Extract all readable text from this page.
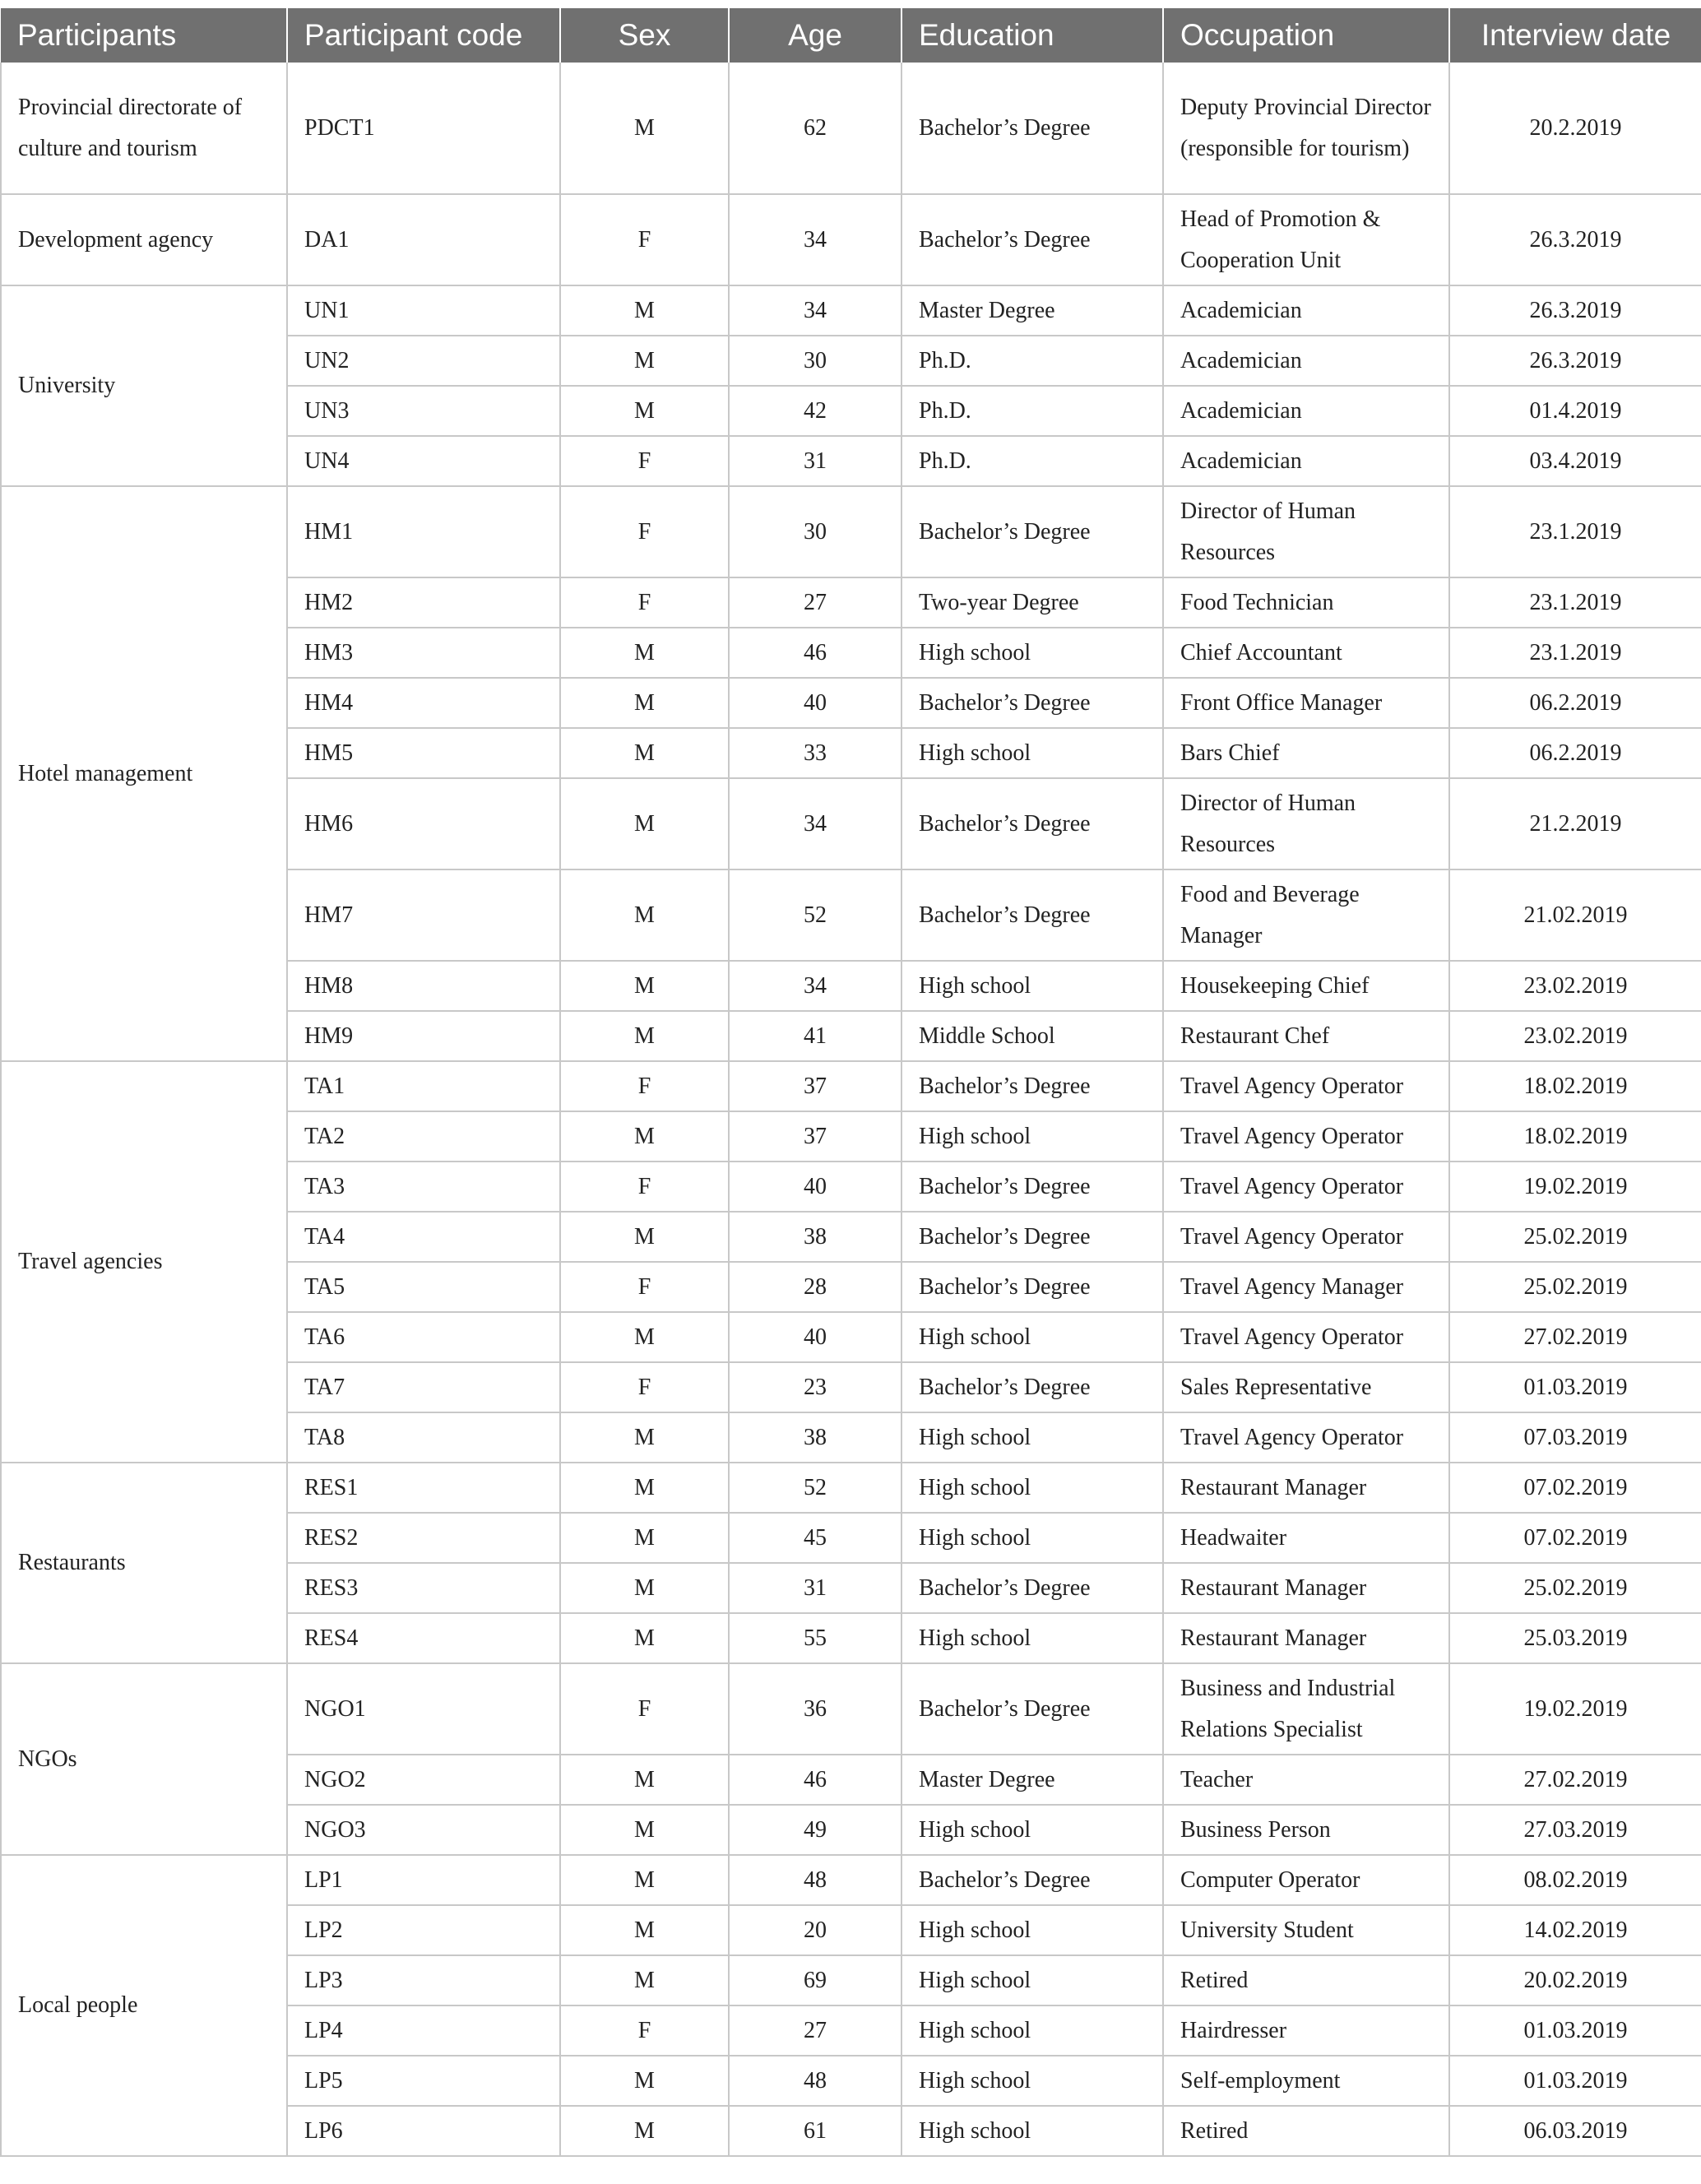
Participants	Participant code	Sex	Age	Education	Occupation	Interview date
Provincial directorate of culture and tourism	PDCT1	M	62	Bachelor’s Degree	Deputy Provincial Director (responsible for tourism)	20.2.2019
Development agency	DA1	F	34	Bachelor’s Degree	Head of Promotion & Cooperation Unit	26.3.2019
University	UN1	M	34	Master Degree	Academician	26.3.2019
	UN2	M	30	Ph.D.	Academician	26.3.2019
	UN3	M	42	Ph.D.	Academician	01.4.2019
	UN4	F	31	Ph.D.	Academician	03.4.2019
Hotel management	HM1	F	30	Bachelor’s Degree	Director of Human Resources	23.1.2019
	HM2	F	27	Two-year Degree	Food Technician	23.1.2019
	HM3	M	46	High school	Chief Accountant	23.1.2019
	HM4	M	40	Bachelor’s Degree	Front Office Manager	06.2.2019
	HM5	M	33	High school	Bars Chief	06.2.2019
	HM6	M	34	Bachelor’s Degree	Director of Human Resources	21.2.2019
	HM7	M	52	Bachelor’s Degree	Food and Beverage Manager	21.02.2019
	HM8	M	34	High school	Housekeeping Chief	23.02.2019
	HM9	M	41	Middle School	Restaurant Chef	23.02.2019
Travel agencies	TA1	F	37	Bachelor’s Degree	Travel Agency Operator	18.02.2019
	TA2	M	37	High school	Travel Agency Operator	18.02.2019
	TA3	F	40	Bachelor’s Degree	Travel Agency Operator	19.02.2019
	TA4	M	38	Bachelor’s Degree	Travel Agency Operator	25.02.2019
	TA5	F	28	Bachelor’s Degree	Travel Agency Manager	25.02.2019
	TA6	M	40	High school	Travel Agency Operator	27.02.2019
	TA7	F	23	Bachelor’s Degree	Sales Representative	01.03.2019
	TA8	M	38	High school	Travel Agency Operator	07.03.2019
Restaurants	RES1	M	52	High school	Restaurant Manager	07.02.2019
	RES2	M	45	High school	Headwaiter	07.02.2019
	RES3	M	31	Bachelor’s Degree	Restaurant Manager	25.02.2019
	RES4	M	55	High school	Restaurant Manager	25.03.2019
NGOs	NGO1	F	36	Bachelor’s Degree	Business and Industrial Relations Specialist	19.02.2019
	NGO2	M	46	Master Degree	Teacher	27.02.2019
	NGO3	M	49	High school	Business Person	27.03.2019
Local people	LP1	M	48	Bachelor’s Degree	Computer Operator	08.02.2019
	LP2	M	20	High school	University Student	14.02.2019
	LP3	M	69	High school	Retired	20.02.2019
	LP4	F	27	High school	Hairdresser	01.03.2019
	LP5	M	48	High school	Self-employment	01.03.2019
	LP6	M	61	High school	Retired	06.03.2019
